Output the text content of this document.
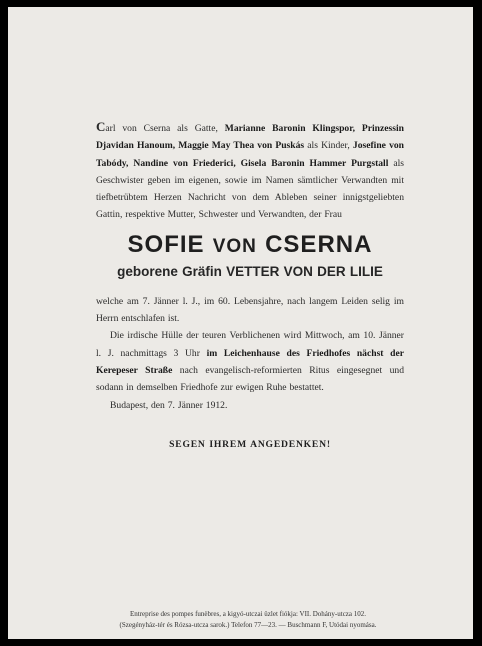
Carl von Cserna als Gatte, Marianne Baronin Klingspor, Prinzessin Djavidan Hanoum, Maggie May Thea von Puskás als Kinder, Josefine von Tabódy, Nandine von Friederici, Gisela Baronin Hammer Purgstall als Geschwister geben im eigenen, sowie im Namen sämtlicher Verwandten mit tiefbetrübtem Herzen Nachricht von dem Ableben seiner innigstgeliebten Gattin, respektive Mutter, Schwester und Verwandten, der Frau

SOFIE VON CSERNA
geborene Gräfin VETTER VON DER LILIE

welche am 7. Jänner l. J., im 60. Lebensjahre, nach langem Leiden selig im Herrn entschlafen ist.

Die irdische Hülle der teuren Verblichenen wird Mittwoch, am 10. Jänner l. J. nachmittags 3 Uhr im Leichenhause des Friedhofes nächst der Kerepeser Straße nach evangelisch-reformierten Ritus eingesegnet und sodann in demselben Friedhofe zur ewigen Ruhe bestattet.

Budapest, den 7. Jänner 1912.

SEGEN IHREM ANGEDENKEN!
Entreprise des pompes funèbres, a kigyó-utczai üzlet fiókja: VII. Dohány-utcza 102.
(Szegényház-tér és Rózsa-utcza sarok.) Telefon 77—23. — Buschmann F, Utódai nyomása.
